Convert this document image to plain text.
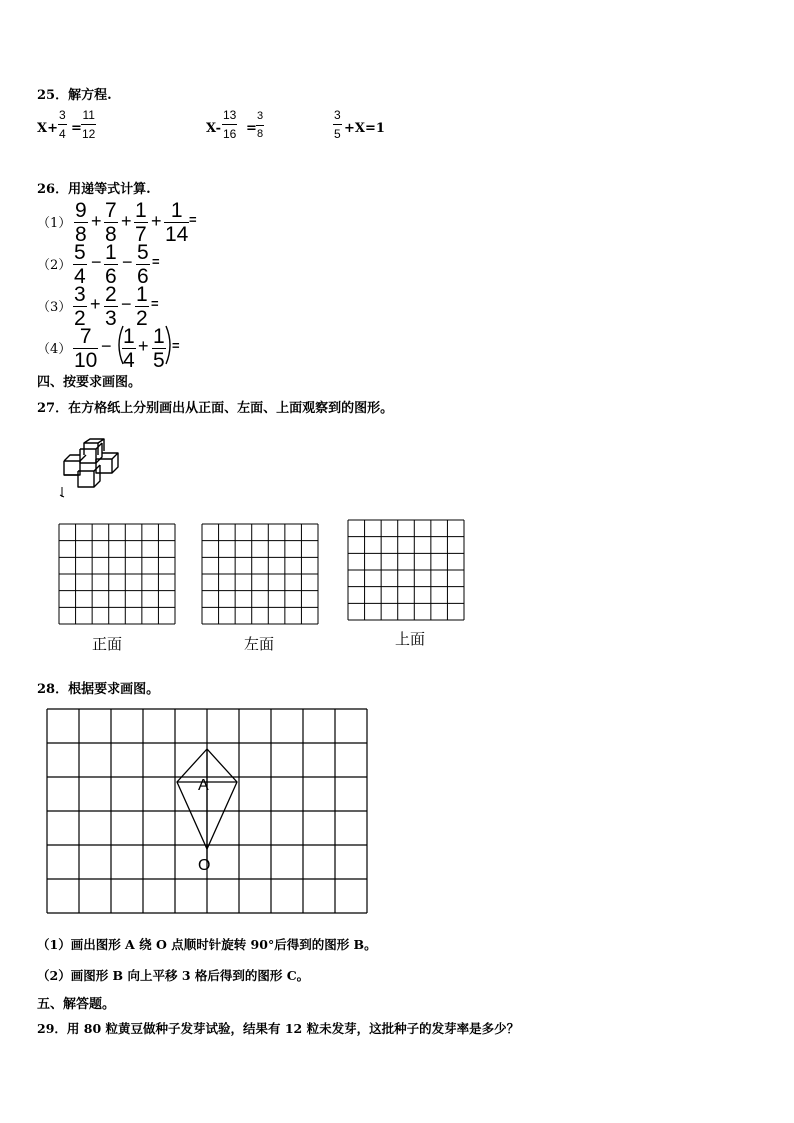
25．解方程.
X+
3
4 =
11
12	X-
13
16 =
3
8
3
5 +X=1
26．用递等式计算.
（1）
9
8
+ 7
8
+ 1
7
+ 1
14
=
（2）
5
4
− 1
6
− 5
6
=
（3）
3
2
+ 2
3
− 1
2
=
（4）
7
10
− 1
4
+ 1
5
=
四、按要求画图。
27．在方格纸上分别画出从正面、左面、上面观察到的图形。
正面	左面	上面
28．根据要求画图。
A
O
（1）画出图形 A 绕 O 点顺时针旋转 90°后得到的图形 B。
（2）画图形 B 向上平移 3 格后得到的图形 C。
五、解答题。
29．用 80 粒黄豆做种子发芽试验，结果有 12 粒未发芽，这批种子的发芽率是多少？
